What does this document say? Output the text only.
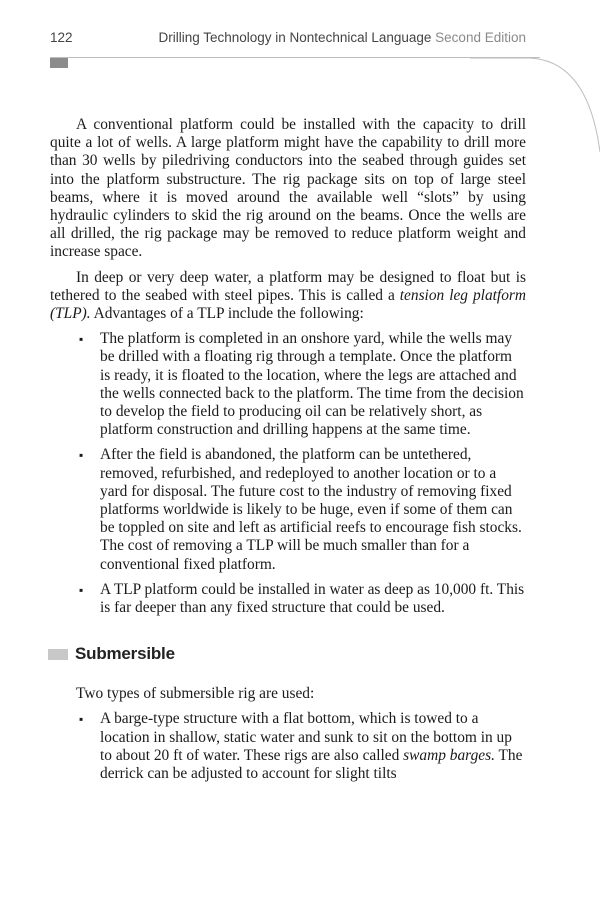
122	Drilling Technology in Nontechnical Language Second Edition

A conventional platform could be installed with the capacity to drill quite a lot of wells. A large platform might have the capability to drill more than 30 wells by piledriving conductors into the seabed through guides set into the platform substructure. The rig package sits on top of large steel beams, where it is moved around the available well “slots” by using hydraulic cylinders to skid the rig around on the beams. Once the wells are all drilled, the rig package may be removed to reduce platform weight and increase space.

In deep or very deep water, a platform may be designed to float but is tethered to the seabed with steel pipes. This is called a tension leg platform (TLP). Advantages of a TLP include the following:

▪ The platform is completed in an onshore yard, while the wells may be drilled with a floating rig through a template. Once the platform is ready, it is floated to the location, where the legs are attached and the wells connected back to the platform. The time from the decision to develop the field to producing oil can be relatively short, as platform construction and drilling happens at the same time.
▪ After the field is abandoned, the platform can be untethered, removed, refurbished, and redeployed to another location or to a yard for disposal. The future cost to the industry of removing fixed platforms worldwide is likely to be huge, even if some of them can be toppled on site and left as artificial reefs to encourage fish stocks. The cost of removing a TLP will be much smaller than for a conventional fixed platform.
▪ A TLP platform could be installed in water as deep as 10,000 ft. This is far deeper than any fixed structure that could be used.
Submersible

Two types of submersible rig are used:

▪ A barge-type structure with a flat bottom, which is towed to a location in shallow, static water and sunk to sit on the bottom in up to about 20 ft of water. These rigs are also called swamp barges. The derrick can be adjusted to account for slight tilts
